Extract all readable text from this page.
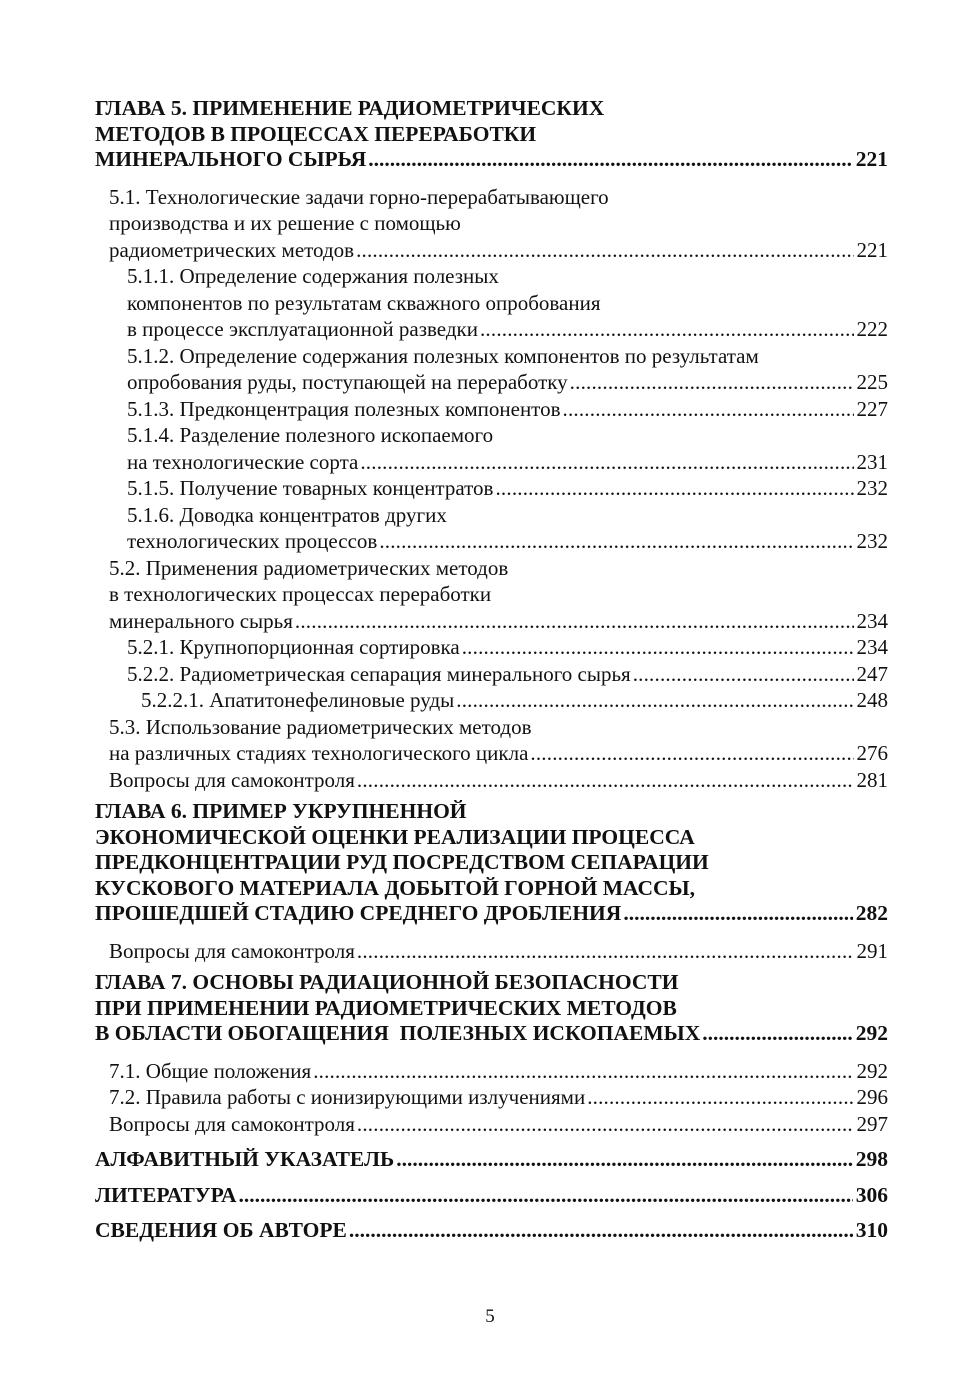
ГЛАВА 5. ПРИМЕНЕНИЕ РАДИОМЕТРИЧЕСКИХ
МЕТОДОВ В ПРОЦЕССАХ ПЕРЕРАБОТКИ
МИНЕРАЛЬНОГО СЫРЬЯ .....	221
5.1. Технологические задачи горно-перерабатывающего
производства и их решение с помощью
радиометрических методов .....	221
5.1.1. Определение содержания полезных
компонентов по результатам скважного опробования
в процессе эксплуатационной разведки .....	222
5.1.2. Определение содержания полезных компонентов по результатам
опробования руды, поступающей на переработку .....	225
5.1.3. Предконцентрация полезных компонентов .....	227
5.1.4. Разделение полезного ископаемого
на технологические сорта .....	231
5.1.5. Получение товарных концентратов .....	232
5.1.6. Доводка концентратов других
технологических процессов .....	232
5.2. Применения радиометрических методов
в технологических процессах переработки
минерального сырья .....	234
5.2.1. Крупнопорционная сортировка .....	234
5.2.2. Радиометрическая сепарация минерального сырья .....	247
5.2.2.1. Апатитонефелиновые руды .....	248
5.3. Использование радиометрических методов
на различных стадиях технологического цикла .....	276
Вопросы для самоконтроля .....	281
ГЛАВА 6. ПРИМЕР УКРУПНЕННОЙ
ЭКОНОМИЧЕСКОЙ ОЦЕНКИ РЕАЛИЗАЦИИ ПРОЦЕССА
ПРЕДКОНЦЕНТРАЦИИ РУД ПОСРЕДСТВОМ СЕПАРАЦИИ
КУСКОВОГО МАТЕРИАЛА ДОБЫТОЙ ГОРНОЙ МАССЫ,
ПРОШЕДШЕЙ СТАДИЮ СРЕДНЕГО ДРОБЛЕНИЯ .....	282
Вопросы для самоконтроля .....	291
ГЛАВА 7. ОСНОВЫ РАДИАЦИОННОЙ БЕЗОПАСНОСТИ
ПРИ ПРИМЕНЕНИИ РАДИОМЕТРИЧЕСКИХ МЕТОДОВ
В ОБЛАСТИ ОБОГАЩЕНИЯ  ПОЛЕЗНЫХ ИСКОПАЕМЫХ .....	292
7.1. Общие положения .....	292
7.2. Правила работы с ионизирующими излучениями .....	296
Вопросы для самоконтроля .....	297
АЛФАВИТНЫЙ УКАЗАТЕЛЬ .....	298
ЛИТЕРАТУРА .....	306
СВЕДЕНИЯ ОБ АВТОРЕ .....	310
5
